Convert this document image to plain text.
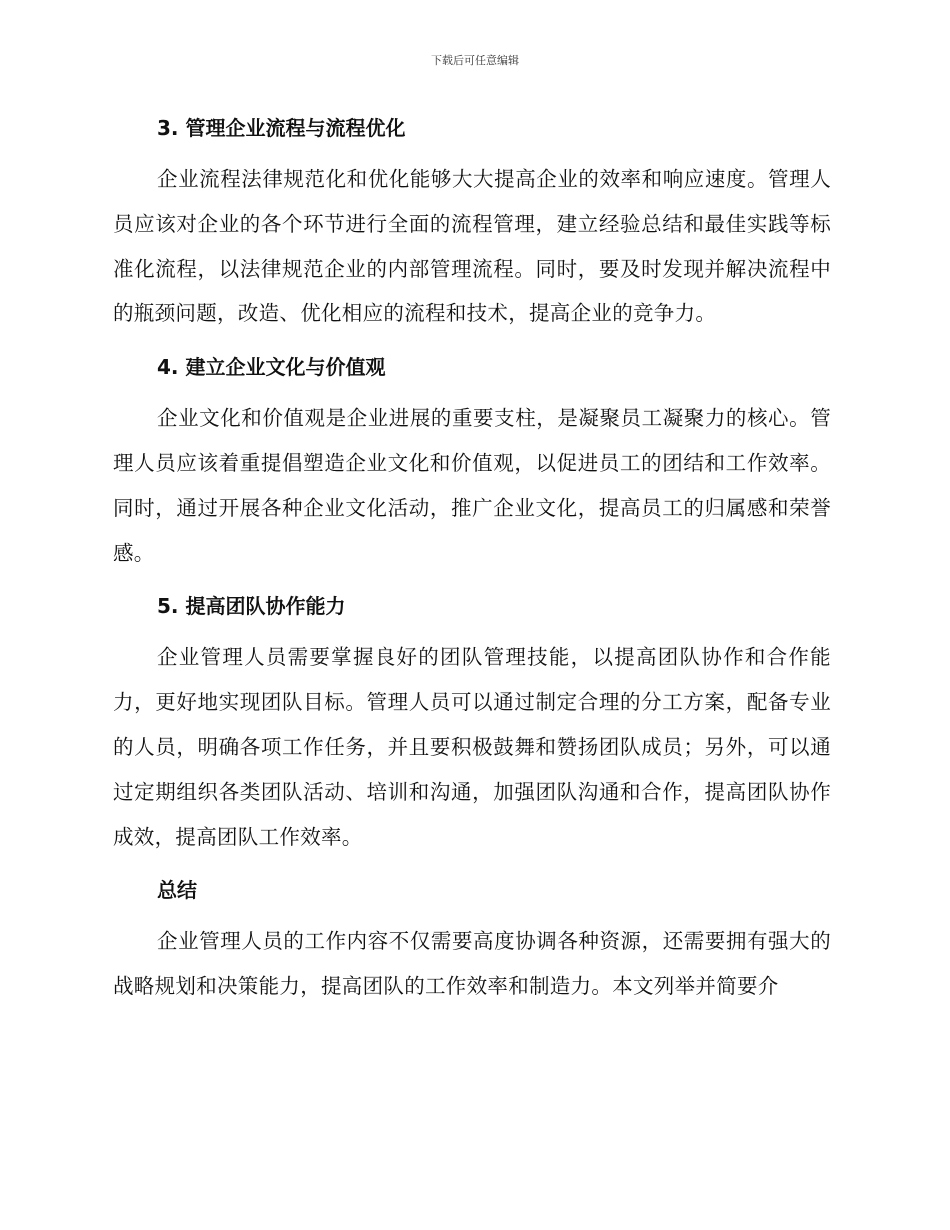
下载后可任意编辑
3. 管理企业流程与流程优化

企业流程法律规范化和优化能够大大提高企业的效率和响应速度。管理人员应该对企业的各个环节进行全面的流程管理，建立经验总结和最佳实践等标准化流程，以法律规范企业的内部管理流程。同时，要及时发现并解决流程中的瓶颈问题，改造、优化相应的流程和技术，提高企业的竞争力。

4. 建立企业文化与价值观

企业文化和价值观是企业进展的重要支柱，是凝聚员工凝聚力的核心。管理人员应该着重提倡塑造企业文化和价值观，以促进员工的团结和工作效率。同时，通过开展各种企业文化活动，推广企业文化，提高员工的归属感和荣誉感。

5. 提高团队协作能力

企业管理人员需要掌握良好的团队管理技能，以提高团队协作和合作能力，更好地实现团队目标。管理人员可以通过制定合理的分工方案，配备专业的人员，明确各项工作任务，并且要积极鼓舞和赞扬团队成员；另外，可以通过定期组织各类团队活动、培训和沟通，加强团队沟通和合作，提高团队协作成效，提高团队工作效率。

总结

企业管理人员的工作内容不仅需要高度协调各种资源，还需要拥有强大的战略规划和决策能力，提高团队的工作效率和制造力。本文列举并简要介
